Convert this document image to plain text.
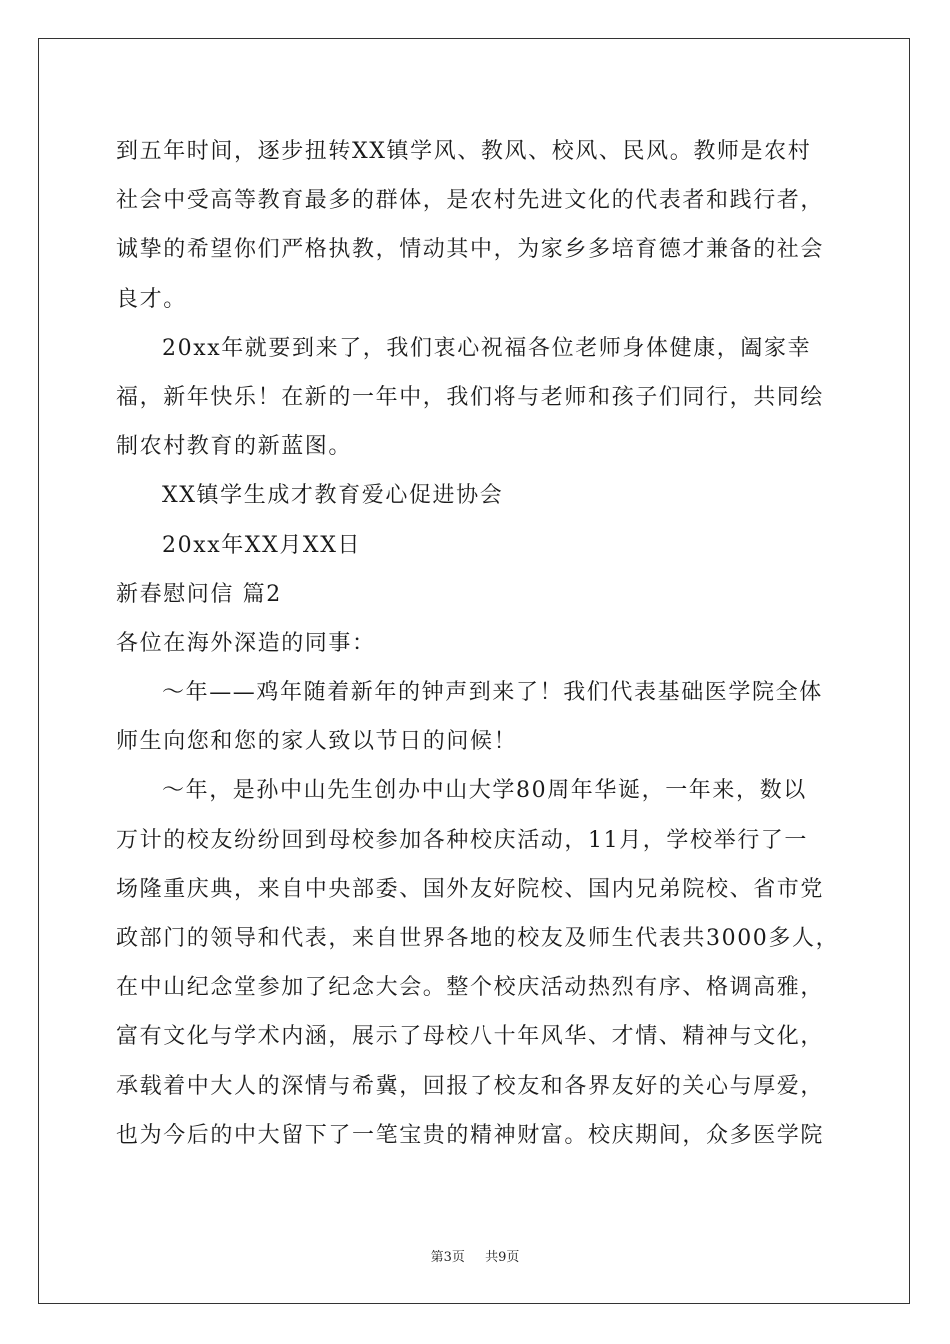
到五年时间，逐步扭转XX镇学风、教风、校风、民风。教师是农村
社会中受高等教育最多的群体，是农村先进文化的代表者和践行者，
诚挚的希望你们严格执教，情动其中，为家乡多培育德才兼备的社会
良才。
20xx年就要到来了，我们衷心祝福各位老师身体健康，阖家幸
福，新年快乐！在新的一年中，我们将与老师和孩子们同行，共同绘
制农村教育的新蓝图。
XX镇学生成才教育爱心促进协会
20xx年XX月XX日
新春慰问信 篇2
各位在海外深造的同事：
～年——鸡年随着新年的钟声到来了！我们代表基础医学院全体
师生向您和您的家人致以节日的问候！
～年，是孙中山先生创办中山大学80周年华诞，一年来，数以
万计的校友纷纷回到母校参加各种校庆活动，11月，学校举行了一
场隆重庆典，来自中央部委、国外友好院校、国内兄弟院校、省市党
政部门的领导和代表，来自世界各地的校友及师生代表共3000多人，
在中山纪念堂参加了纪念大会。整个校庆活动热烈有序、格调高雅，
富有文化与学术内涵，展示了母校八十年风华、才情、精神与文化，
承载着中大人的深情与希冀，回报了校友和各界友好的关心与厚爱，
也为今后的中大留下了一笔宝贵的精神财富。校庆期间，众多医学院
第3页 共9页
